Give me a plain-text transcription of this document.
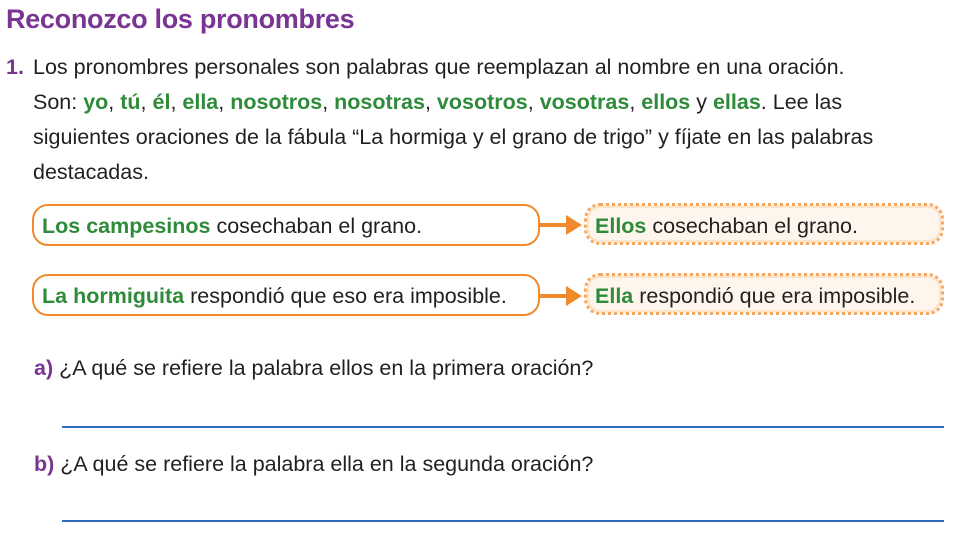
Reconozco los pronombres
1. Los pronombres personales son palabras que reemplazan al nombre en una oración.
Son: yo, tú, él, ella, nosotros, nosotras, vosotros, vosotras, ellos y ellas. Lee las
siguientes oraciones de la fábula “La hormiga y el grano de trigo” y fíjate en las palabras
destacadas.
Los campesinos cosechaban el grano.	Ellos cosechaban el grano.
La hormiguita respondió que eso era imposible.	Ella respondió que era imposible.
a) ¿A qué se refiere la palabra ellos en la primera oración?
b) ¿A qué se refiere la palabra ella en la segunda oración?
